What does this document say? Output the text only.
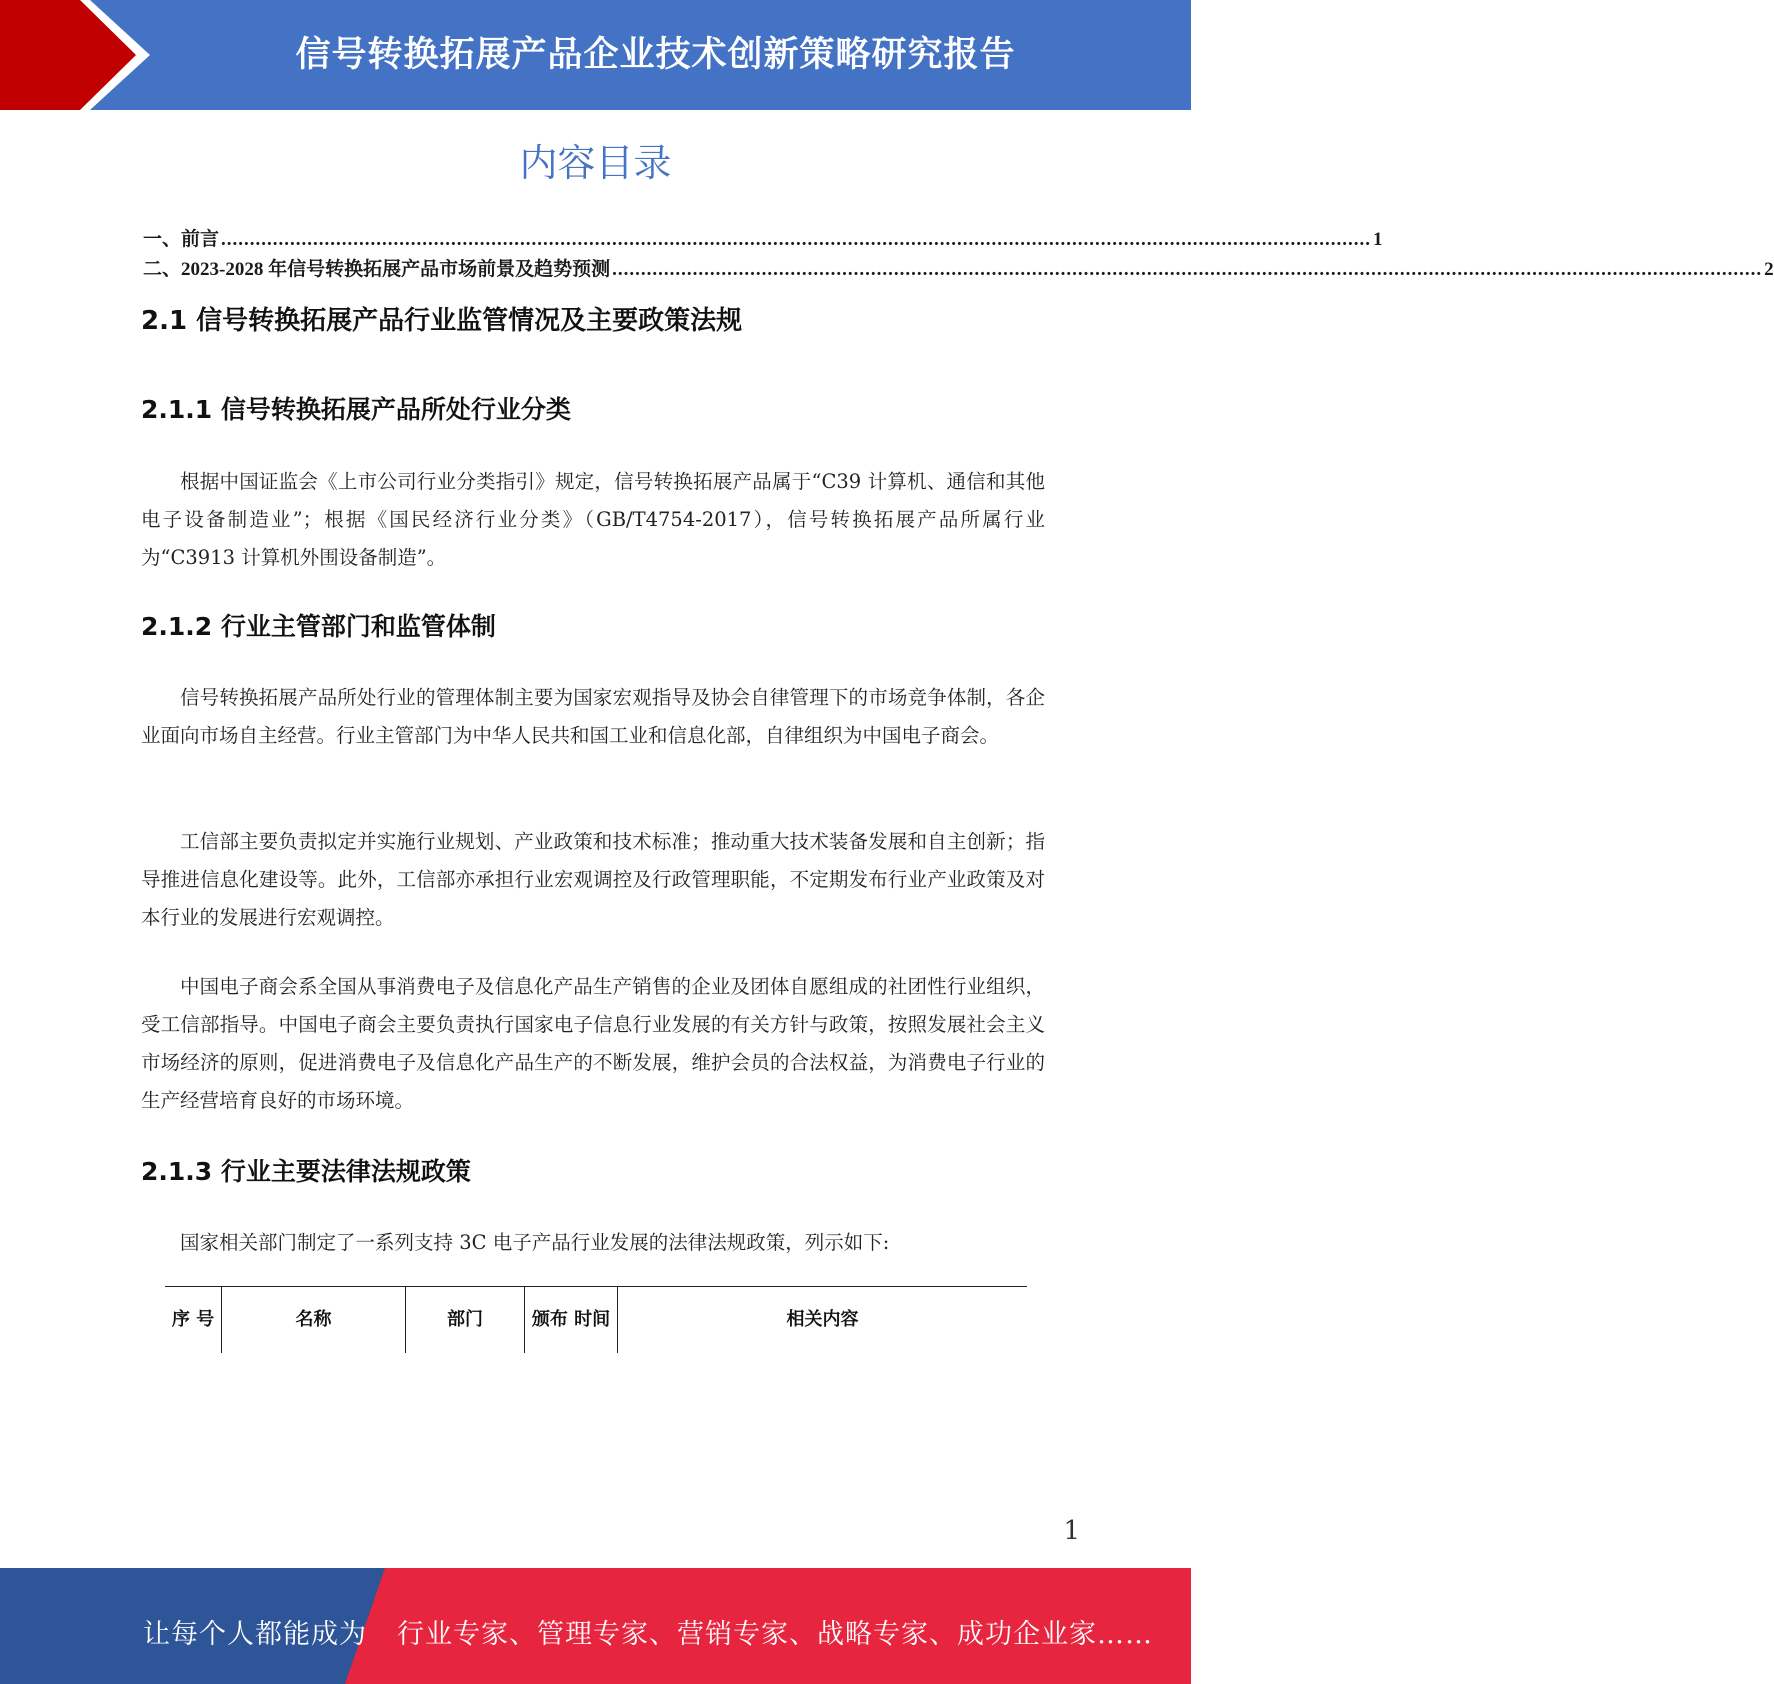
信号转换拓展产品企业技术创新策略研究报告
内容目录
一、前言 ........................................................................................................................................................................................................ 1
二、2023-2028 年信号转换拓展产品市场前景及趋势预测 ........................................................................................................................................................................................................ 2
2.1 信号转换拓展产品行业监管情况及主要政策法规
2.1.1 信号转换拓展产品所处行业分类
根据中国证监会《上市公司行业分类指引》规定，信号转换拓展产品属于“C39 计算机、通信和其他电子设备制造业”；根据《国民经济行业分类》（GB/T4754-2017），信号转换拓展产品所属行业为“C3913 计算机外围设备制造”。
2.1.2 行业主管部门和监管体制
信号转换拓展产品所处行业的管理体制主要为国家宏观指导及协会自律管理下的市场竞争体制，各企业面向市场自主经营。行业主管部门为中华人民共和国工业和信息化部，自律组织为中国电子商会。
工信部主要负责拟定并实施行业规划、产业政策和技术标准；推动重大技术装备发展和自主创新；指导推进信息化建设等。此外，工信部亦承担行业宏观调控及行政管理职能，不定期发布行业产业政策及对本行业的发展进行宏观调控。
中国电子商会系全国从事消费电子及信息化产品生产销售的企业及团体自愿组成的社团性行业组织，受工信部指导。中国电子商会主要负责执行国家电子信息行业发展的有关方针与政策，按照发展社会主义市场经济的原则，促进消费电子及信息化产品生产的不断发展，维护会员的合法权益，为消费电子行业的生产经营培育良好的市场环境。
2.1.3 行业主要法律法规政策
国家相关部门制定了一系列支持 3C 电子产品行业发展的法律法规政策，列示如下:
序 号	名称	部门	颁布 时间	相关内容
1
让每个人都能成为 行业专家、管理专家、营销专家、战略专家、成功企业家……
